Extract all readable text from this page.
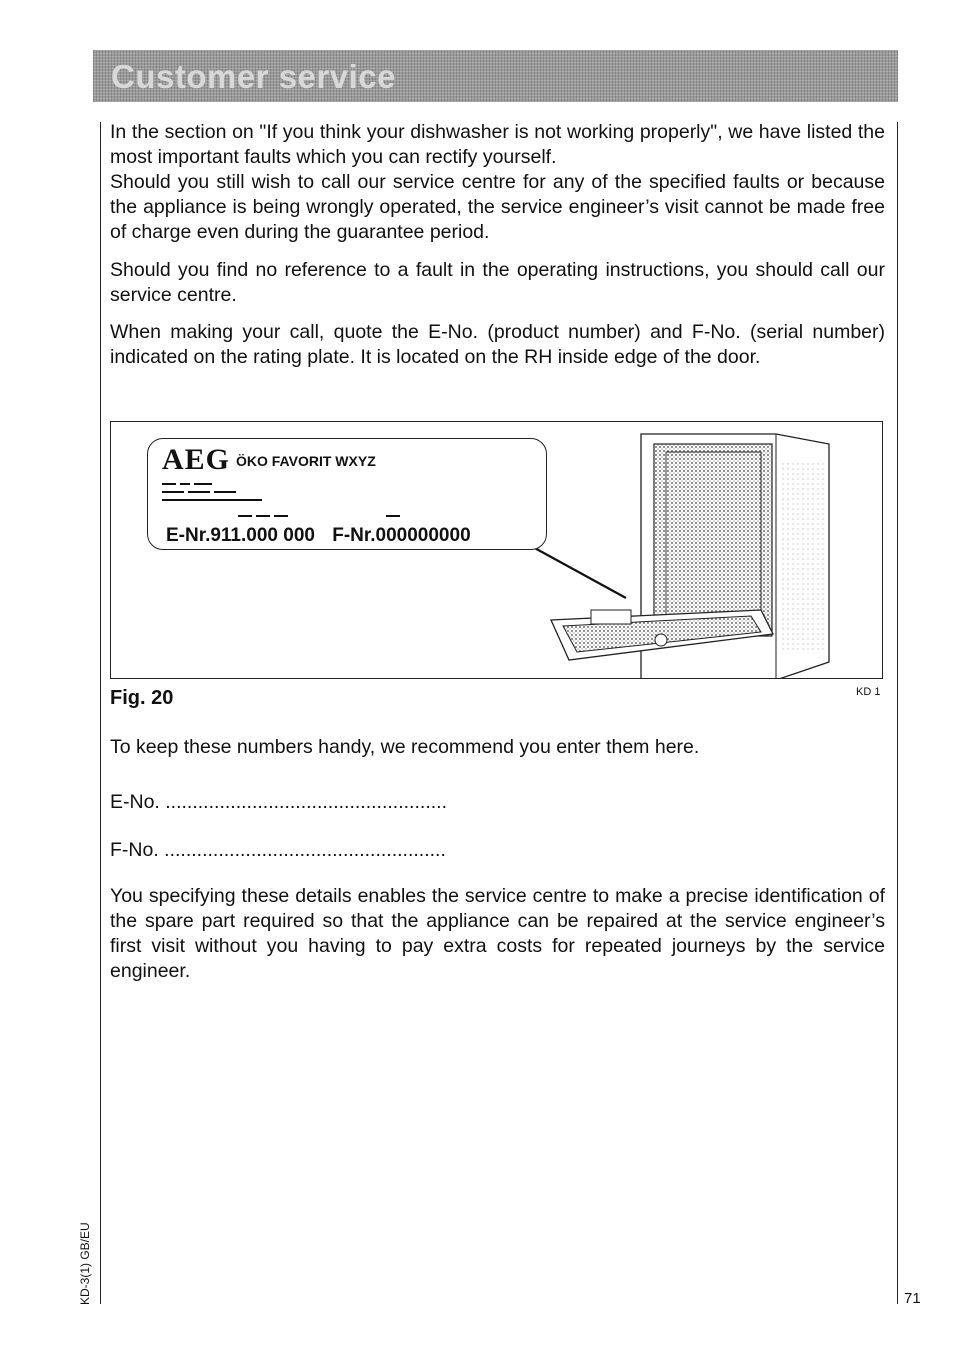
Customer service

In the section on "If you think your dishwasher is not working properly", we have listed the most important faults which you can rectify yourself.

Should you still wish to call our service centre for any of the specified faults or because the appliance is being wrongly operated, the service engineer’s visit cannot be made free of charge even during the guarantee period.

Should you find no reference to a fault in the operating instructions, you should call our service centre.
When making your call, quote the E-No. (product number) and F-No. (serial number) indicated on the rating plate. It is located on the RH inside edge of the door.
AEG ÖKO FAVORIT WXYZ
E-Nr.911.000 000 F-Nr.000000000
Fig. 20	KD 1
To keep these numbers handy, we recommend you enter them here.
E-No. ....................................................
F-No. ....................................................
You specifying these details enables the service centre to make a precise identification of the spare part required so that the appliance can be repaired at the service engineer’s first visit without you having to pay extra costs for repeated journeys by the service engineer.
KD-3(1) GB/EU	71
